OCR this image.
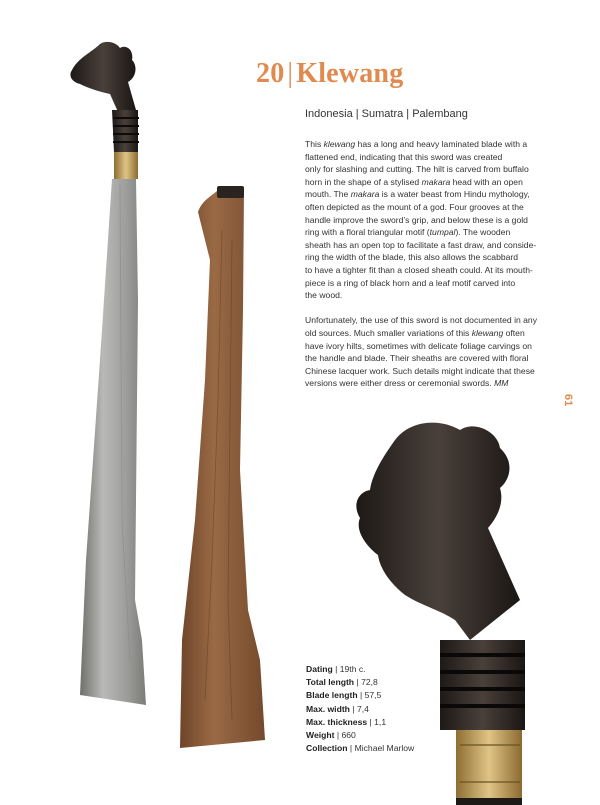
20 | Klewang
Indonesia | Sumatra | Palembang

This klewang has a long and heavy laminated blade with a
flattened end, indicating that this sword was created
only for slashing and cutting. The hilt is carved from buffalo
horn in the shape of a stylised makara head with an open
mouth. The makara is a water beast from Hindu mythology,
often depicted as the mount of a god. Four grooves at the
handle improve the sword’s grip, and below these is a gold
ring with a floral triangular motif (tumpal). The wooden
sheath has an open top to facilitate a fast draw, and conside-
ring the width of the blade, this also allows the scabbard
to have a tighter fit than a closed sheath could. At its mouth-
piece is a ring of black horn and a leaf motif carved into
the wood.

Unfortunately, the use of this sword is not documented in any
old sources. Much smaller variations of this klewang often
have ivory hilts, sometimes with delicate foliage carvings on
the handle and blade. Their sheaths are covered with floral
Chinese lacquer work. Such details might indicate that these
versions were either dress or ceremonial swords. MM

61
Dating | 19th c.
Total length | 72,8
Blade length | 57,5
Max. width | 7,4
Max. thickness | 1,1
Weight | 660
Collection | Michael Marlow
